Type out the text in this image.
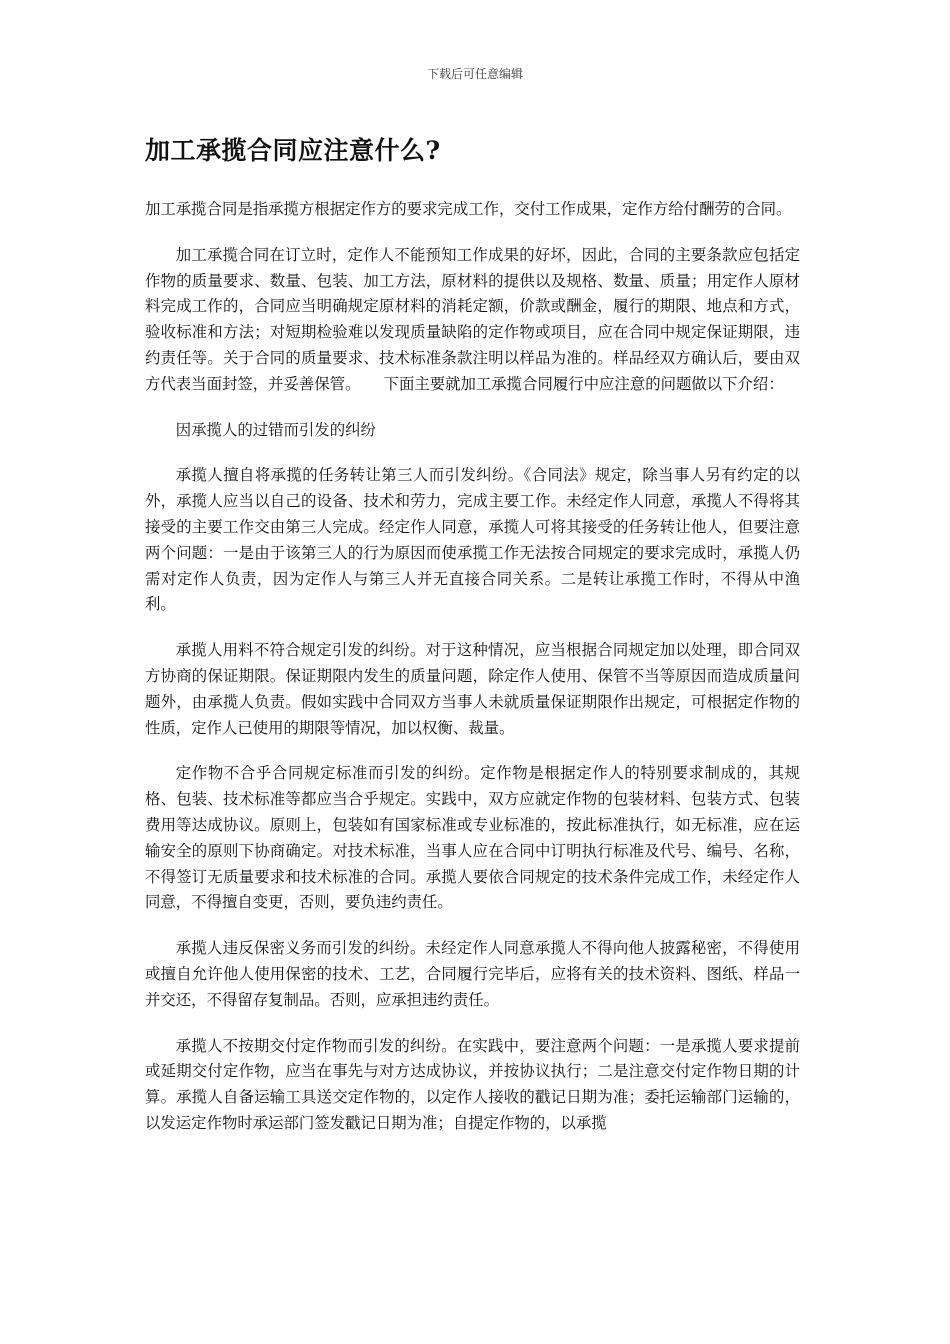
下载后可任意编辑
加工承揽合同应注意什么?

加工承揽合同是指承揽方根据定作方的要求完成工作，交付工作成果，定作方给付酬劳的合同。

加工承揽合同在订立时，定作人不能预知工作成果的好坏，因此，合同的主要条款应包括定作物的质量要求、数量、包装、加工方法，原材料的提供以及规格、数量、质量；用定作人原材料完成工作的，合同应当明确规定原材料的消耗定额，价款或酬金，履行的期限、地点和方式，验收标准和方法；对短期检验难以发现质量缺陷的定作物或项目，应在合同中规定保证期限，违约责任等。关于合同的质量要求、技术标准条款注明以样品为准的。样品经双方确认后，要由双方代表当面封签，并妥善保管。　　下面主要就加工承揽合同履行中应注意的问题做以下介绍：

因承揽人的过错而引发的纠纷

承揽人擅自将承揽的任务转让第三人而引发纠纷。《合同法》规定，除当事人另有约定的以外，承揽人应当以自己的设备、技术和劳力，完成主要工作。未经定作人同意，承揽人不得将其接受的主要工作交由第三人完成。经定作人同意，承揽人可将其接受的任务转让他人，但要注意两个问题：一是由于该第三人的行为原因而使承揽工作无法按合同规定的要求完成时，承揽人仍需对定作人负责，因为定作人与第三人并无直接合同关系。二是转让承揽工作时，不得从中渔利。

承揽人用料不符合规定引发的纠纷。对于这种情况，应当根据合同规定加以处理，即合同双方协商的保证期限。保证期限内发生的质量问题，除定作人使用、保管不当等原因而造成质量问题外，由承揽人负责。假如实践中合同双方当事人未就质量保证期限作出规定，可根据定作物的性质，定作人已使用的期限等情况，加以权衡、裁量。

定作物不合乎合同规定标准而引发的纠纷。定作物是根据定作人的特别要求制成的，其规格、包装、技术标准等都应当合乎规定。实践中，双方应就定作物的包装材料、包装方式、包装费用等达成协议。原则上，包装如有国家标准或专业标准的，按此标准执行，如无标准，应在运输安全的原则下协商确定。对技术标准，当事人应在合同中订明执行标准及代号、编号、名称，不得签订无质量要求和技术标准的合同。承揽人要依合同规定的技术条件完成工作，未经定作人同意，不得擅自变更，否则，要负违约责任。

承揽人违反保密义务而引发的纠纷。未经定作人同意承揽人不得向他人披露秘密，不得使用或擅自允许他人使用保密的技术、工艺，合同履行完毕后，应将有关的技术资料、图纸、样品一并交还，不得留存复制品。否则，应承担违约责任。

承揽人不按期交付定作物而引发的纠纷。在实践中，要注意两个问题：一是承揽人要求提前或延期交付定作物，应当在事先与对方达成协议，并按协议执行；二是注意交付定作物日期的计算。承揽人自备运输工具送交定作物的，以定作人接收的戳记日期为准；委托运输部门运输的，以发运定作物时承运部门签发戳记日期为准；自提定作物的，以承揽
